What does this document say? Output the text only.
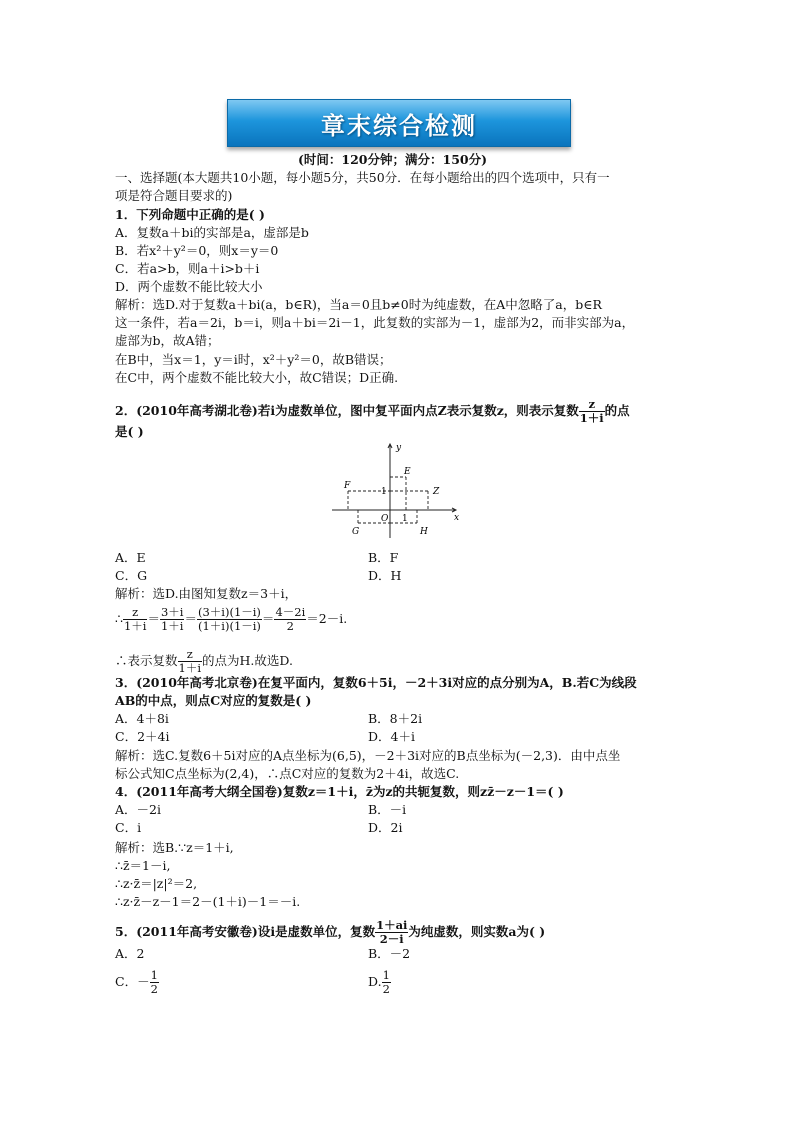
章末综合检测
(时间：120分钟；满分：150分)
一、选择题(本大题共10小题，每小题5分，共50分．在每小题给出的四个选项中，只有一
项是符合题目要求的)
1．下列命题中正确的是( )
A．复数a＋bi的实部是a，虚部是b
B．若x²＋y²＝0，则x＝y＝0
C．若a>b，则a＋i>b＋i
D．两个虚数不能比较大小
解析：选D.对于复数a＋bi(a，b∈R)，当a＝0且b≠0时为纯虚数，在A中忽略了a，b∈R
这一条件，若a＝2i，b＝i，则a＋bi＝2i－1，此复数的实部为－1，虚部为2，而非实部为a，
虚部为b，故A错；
在B中，当x＝1，y＝i时，x²＋y²＝0，故B错误；
在C中，两个虚数不能比较大小，故C错误；D正确.
2．(2010年高考湖北卷)若i为虚数单位，图中复平面内点Z表示复数z，则表示复数 $\frac{z}{1+i}$ 的点
是( )
y
x
O
1
1
E
F
Z
G	H
A．E	B．F
C．G	D．H
解析：选D.由图知复数z＝3＋i，
∴ $\frac{z}{1+i} = \frac{3+i}{1+i} = \frac{(3+i)(1-i)}{(1+i)(1-i)} = \frac{4-2i}{2} =2-i$.
∴表示复数 $\frac{z}{1+i}$ 的点为H.故选D.
3．(2010年高考北京卷)在复平面内，复数6＋5i，－2＋3i对应的点分别为A，B.若C为线段
AB的中点，则点C对应的复数是( )
A．4＋8i	B．8＋2i
C．2＋4i	D．4＋i
解析：选C.复数6＋5i对应的A点坐标为(6,5)，－2＋3i对应的B点坐标为(－2,3)．由中点坐
标公式知C点坐标为(2,4)，∴点C对应的复数为2＋4i，故选C.
4．(2011年高考大纲全国卷)复数z＝1＋i，z̄为z的共轭复数，则zz̄－z－1＝( )
A．－2i	B．－i
C．i	D．2i
解析：选B.∵z＝1＋i,
∴z̄＝1－i,
∴z·z̄＝|z|²＝2,
∴z·z̄－z－1＝2－(1＋i)－1＝－i.
5．(2011年高考安徽卷)设i是虚数单位，复数 $\frac{1+ai}{2-i}$ 为纯虚数，则实数a为( )
A．2	B．－2
C．－ $\frac{1}{2}$	D. $\frac{1}{2}$
